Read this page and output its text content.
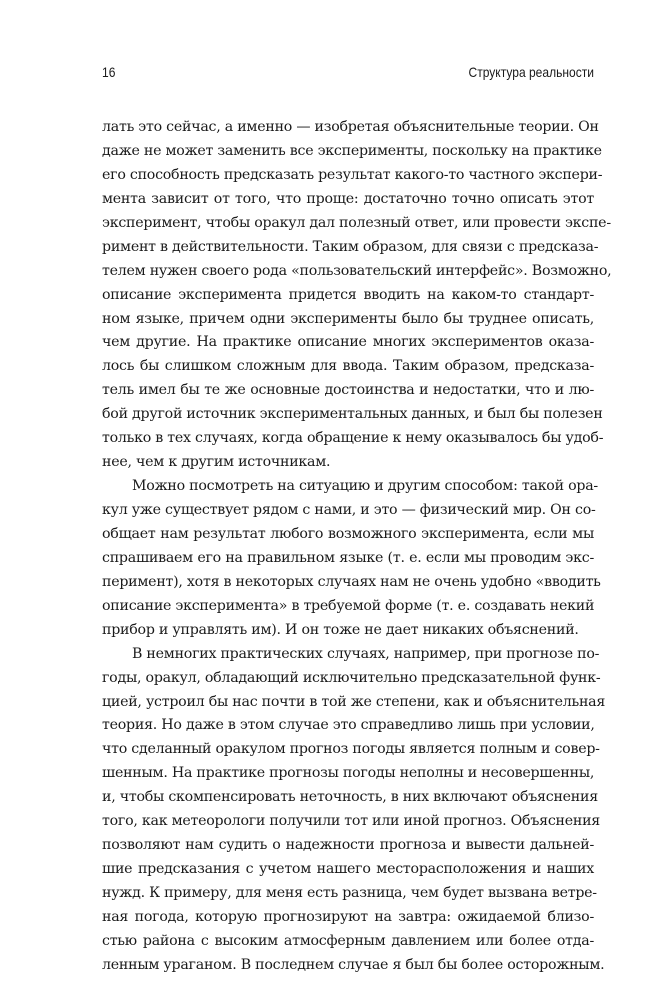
16	Структура реальности
лать это сейчас, а именно — изобретая объяснительные теории. Он
даже не может заменить все эксперименты, поскольку на практике
его способность предсказать результат какого-то частного экспери-
мента зависит от того, что проще: достаточно точно описать этот
эксперимент, чтобы оракул дал полезный ответ, или провести экспе-
римент в действительности. Таким образом, для связи с предсказа-
телем нужен своего рода «пользовательский интерфейс». Возможно,
описание эксперимента придется вводить на каком-то стандарт-
ном языке, причем одни эксперименты было бы труднее описать,
чем другие. На практике описание многих экспериментов оказа-
лось бы слишком сложным для ввода. Таким образом, предсказа-
тель имел бы те же основные достоинства и недостатки, что и лю-
бой другой источник экспериментальных данных, и был бы полезен
только в тех случаях, когда обращение к нему оказывалось бы удоб-
нее, чем к другим источникам.
Можно посмотреть на ситуацию и другим способом: такой ора-
кул уже существует рядом с нами, и это — физический мир. Он со-
общает нам результат любого возможного эксперимента, если мы
спрашиваем его на правильном языке (т. е. если мы проводим экс-
перимент), хотя в некоторых случаях нам не очень удобно «вводить
описание эксперимента» в требуемой форме (т. е. создавать некий
прибор и управлять им). И он тоже не дает никаких объяснений.
В немногих практических случаях, например, при прогнозе по-
годы, оракул, обладающий исключительно предсказательной функ-
цией, устроил бы нас почти в той же степени, как и объяснительная
теория. Но даже в этом случае это справедливо лишь при условии,
что сделанный оракулом прогноз погоды является полным и совер-
шенным. На практике прогнозы погоды неполны и несовершенны,
и, чтобы скомпенсировать неточность, в них включают объяснения
того, как метеорологи получили тот или иной прогноз. Объяснения
позволяют нам судить о надежности прогноза и вывести дальней-
шие предсказания с учетом нашего месторасположения и наших
нужд. К примеру, для меня есть разница, чем будет вызвана ветре-
ная погода, которую прогнозируют на завтра: ожидаемой близо-
стью района с высоким атмосферным давлением или более отда-
ленным ураганом. В последнем случае я был бы более осторожным.
